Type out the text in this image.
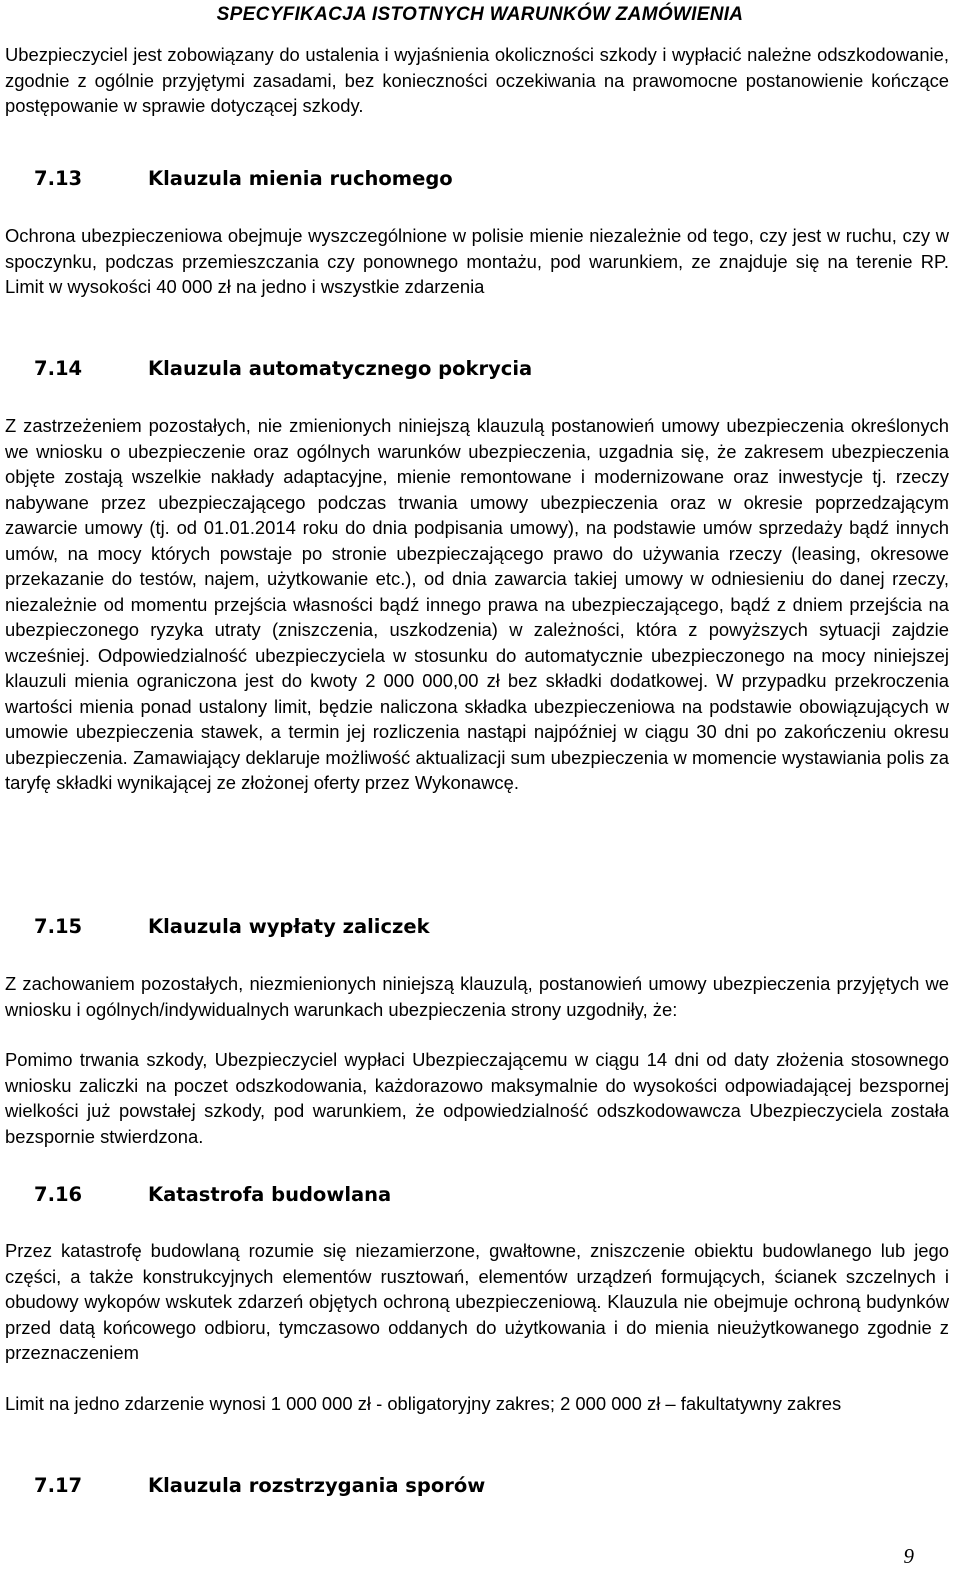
SPECYFIKACJA ISTOTNYCH WARUNKÓW ZAMÓWIENIA
Ubezpieczyciel jest zobowiązany do ustalenia i wyjaśnienia okoliczności szkody i wypłacić należne odszkodowanie, zgodnie z ogólnie przyjętymi zasadami, bez konieczności oczekiwania na prawomocne postanowienie kończące postępowanie w sprawie dotyczącej szkody.
7.13	Klauzula mienia ruchomego
Ochrona ubezpieczeniowa obejmuje wyszczególnione w polisie mienie niezależnie od tego, czy jest w ruchu, czy w spoczynku, podczas przemieszczania czy ponownego montażu, pod warunkiem, ze znajduje się na terenie RP. Limit w wysokości 40 000 zł na jedno i wszystkie zdarzenia
7.14	Klauzula automatycznego pokrycia
Z zastrzeżeniem pozostałych, nie zmienionych niniejszą klauzulą postanowień umowy ubezpieczenia określonych we wniosku o ubezpieczenie oraz ogólnych warunków ubezpieczenia, uzgadnia się, że zakresem ubezpieczenia objęte zostają wszelkie nakłady adaptacyjne, mienie remontowane i modernizowane oraz inwestycje tj. rzeczy nabywane przez ubezpieczającego podczas trwania umowy ubezpieczenia oraz w okresie poprzedzającym zawarcie umowy (tj. od 01.01.2014 roku do dnia podpisania umowy), na podstawie umów sprzedaży bądź innych umów, na mocy których powstaje po stronie ubezpieczającego prawo do używania rzeczy (leasing, okresowe przekazanie do testów, najem, użytkowanie etc.), od dnia zawarcia takiej umowy w odniesieniu do danej rzeczy, niezależnie od momentu przejścia własności bądź innego prawa na ubezpieczającego, bądź z dniem przejścia na ubezpieczonego ryzyka utraty (zniszczenia, uszkodzenia) w zależności, która z powyższych sytuacji zajdzie wcześniej. Odpowiedzialność ubezpieczyciela w stosunku do automatycznie ubezpieczonego na mocy niniejszej klauzuli mienia ograniczona jest do kwoty 2 000 000,00 zł bez składki dodatkowej. W przypadku przekroczenia wartości mienia ponad ustalony limit, będzie naliczona składka ubezpieczeniowa na podstawie obowiązujących w umowie ubezpieczenia stawek, a termin jej rozliczenia nastąpi najpóźniej w ciągu 30 dni po zakończeniu okresu ubezpieczenia. Zamawiający deklaruje możliwość aktualizacji sum ubezpieczenia w momencie wystawiania polis za taryfę składki wynikającej ze złożonej oferty przez Wykonawcę.
7.15	Klauzula wypłaty zaliczek
Z zachowaniem pozostałych, niezmienionych niniejszą klauzulą, postanowień umowy ubezpieczenia przyjętych we wniosku i ogólnych/indywidualnych warunkach ubezpieczenia strony uzgodniły, że:
Pomimo trwania szkody, Ubezpieczyciel wypłaci Ubezpieczającemu w ciągu 14 dni od daty złożenia stosownego wniosku zaliczki na poczet odszkodowania, każdorazowo maksymalnie do wysokości odpowiadającej bezspornej wielkości już powstałej szkody, pod warunkiem, że odpowiedzialność odszkodowawcza Ubezpieczyciela została bezspornie stwierdzona.
7.16	Katastrofa budowlana
Przez katastrofę budowlaną rozumie się niezamierzone, gwałtowne, zniszczenie obiektu budowlanego lub jego części, a także konstrukcyjnych elementów rusztowań, elementów urządzeń formujących, ścianek szczelnych i obudowy wykopów wskutek zdarzeń objętych ochroną ubezpieczeniową. Klauzula nie obejmuje ochroną budynków przed datą końcowego odbioru, tymczasowo oddanych do użytkowania i do mienia nieużytkowanego zgodnie z przeznaczeniem
Limit na jedno zdarzenie wynosi 1 000 000 zł - obligatoryjny zakres; 2 000 000 zł – fakultatywny zakres
7.17	Klauzula rozstrzygania sporów
9
